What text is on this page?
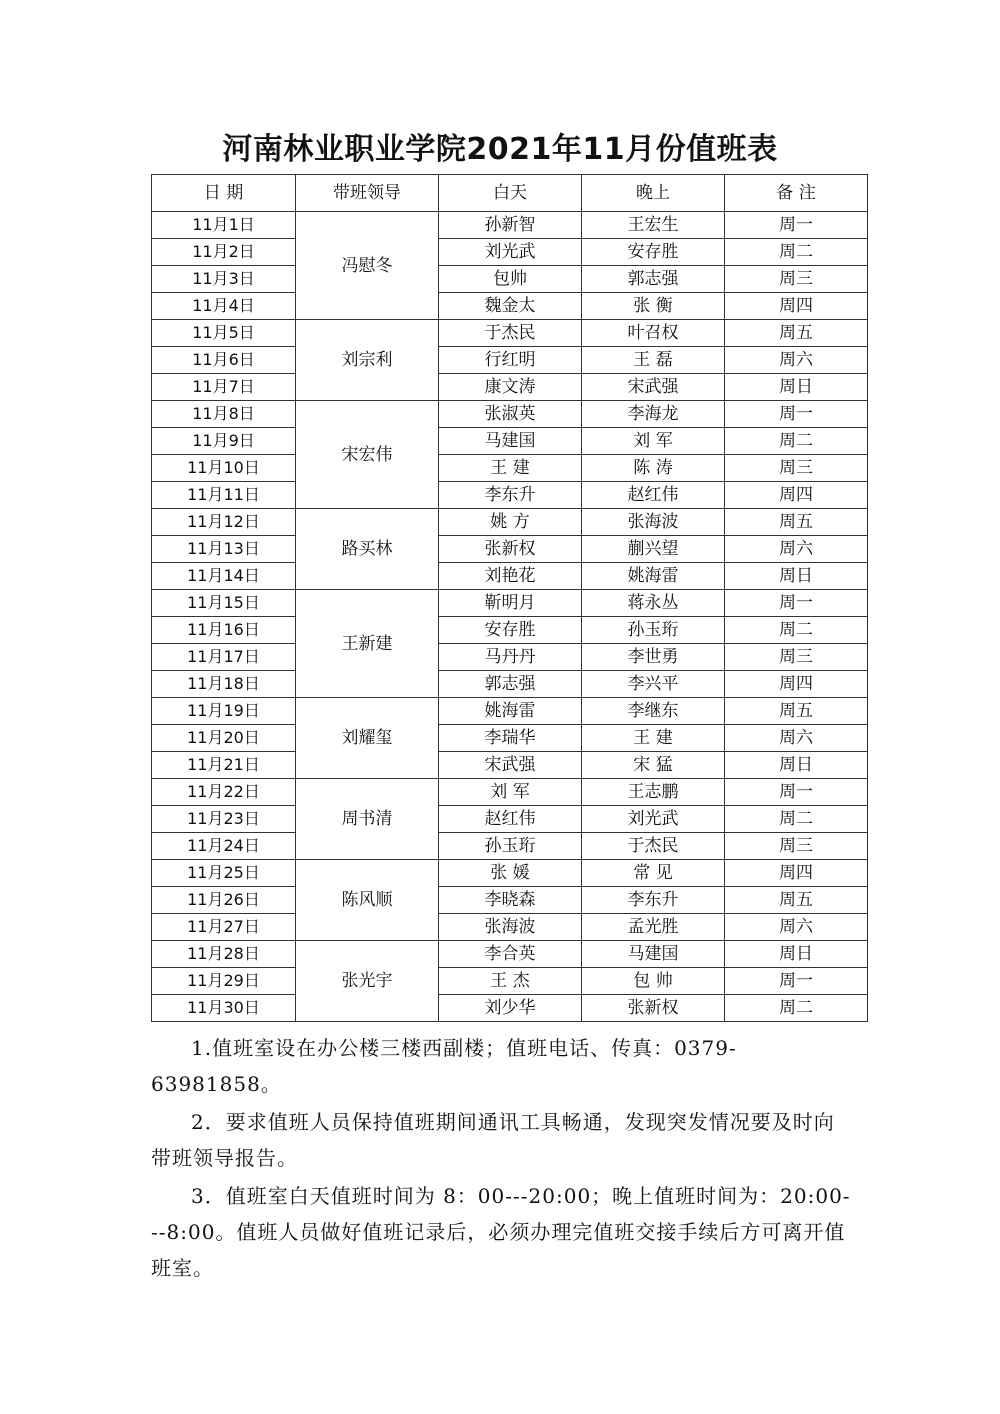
河南林业职业学院2021年11月份值班表
日 期	带班领导	白天	晚上	备 注
11月1日	冯慰冬	孙新智	王宏生	周一
11月2日		刘光武	安存胜	周二
11月3日		包帅	郭志强	周三
11月4日		魏金太	张 衡	周四
11月5日	刘宗利	于杰民	叶召权	周五
11月6日		行红明	王 磊	周六
11月7日		康文涛	宋武强	周日
11月8日	宋宏伟	张淑英	李海龙	周一
11月9日		马建国	刘 军	周二
11月10日		王 建	陈 涛	周三
11月11日		李东升	赵红伟	周四
11月12日	路买林	姚 方	张海波	周五
11月13日		张新权	蒯兴望	周六
11月14日		刘艳花	姚海雷	周日
11月15日	王新建	靳明月	蒋永丛	周一
11月16日		安存胜	孙玉珩	周二
11月17日		马丹丹	李世勇	周三
11月18日		郭志强	李兴平	周四
11月19日	刘耀玺	姚海雷	李继东	周五
11月20日		李瑞华	王 建	周六
11月21日		宋武强	宋 猛	周日
11月22日	周书清	刘 军	王志鹏	周一
11月23日		赵红伟	刘光武	周二
11月24日		孙玉珩	于杰民	周三
11月25日	陈风顺	张 媛	常 见	周四
11月26日		李晓森	李东升	周五
11月27日		张海波	孟光胜	周六
11月28日	张光宇	李合英	马建国	周日
11月29日		王 杰	包 帅	周一
11月30日		刘少华	张新权	周二

1.值班室设在办公楼三楼西副楼；值班电话、传真：0379-63981858。

2．要求值班人员保持值班期间通讯工具畅通，发现突发情况要及时向带班领导报告。

3．值班室白天值班时间为 8：00---20:00；晚上值班时间为：20:00---8:00。值班人员做好值班记录后，必须办理完值班交接手续后方可离开值班室。
